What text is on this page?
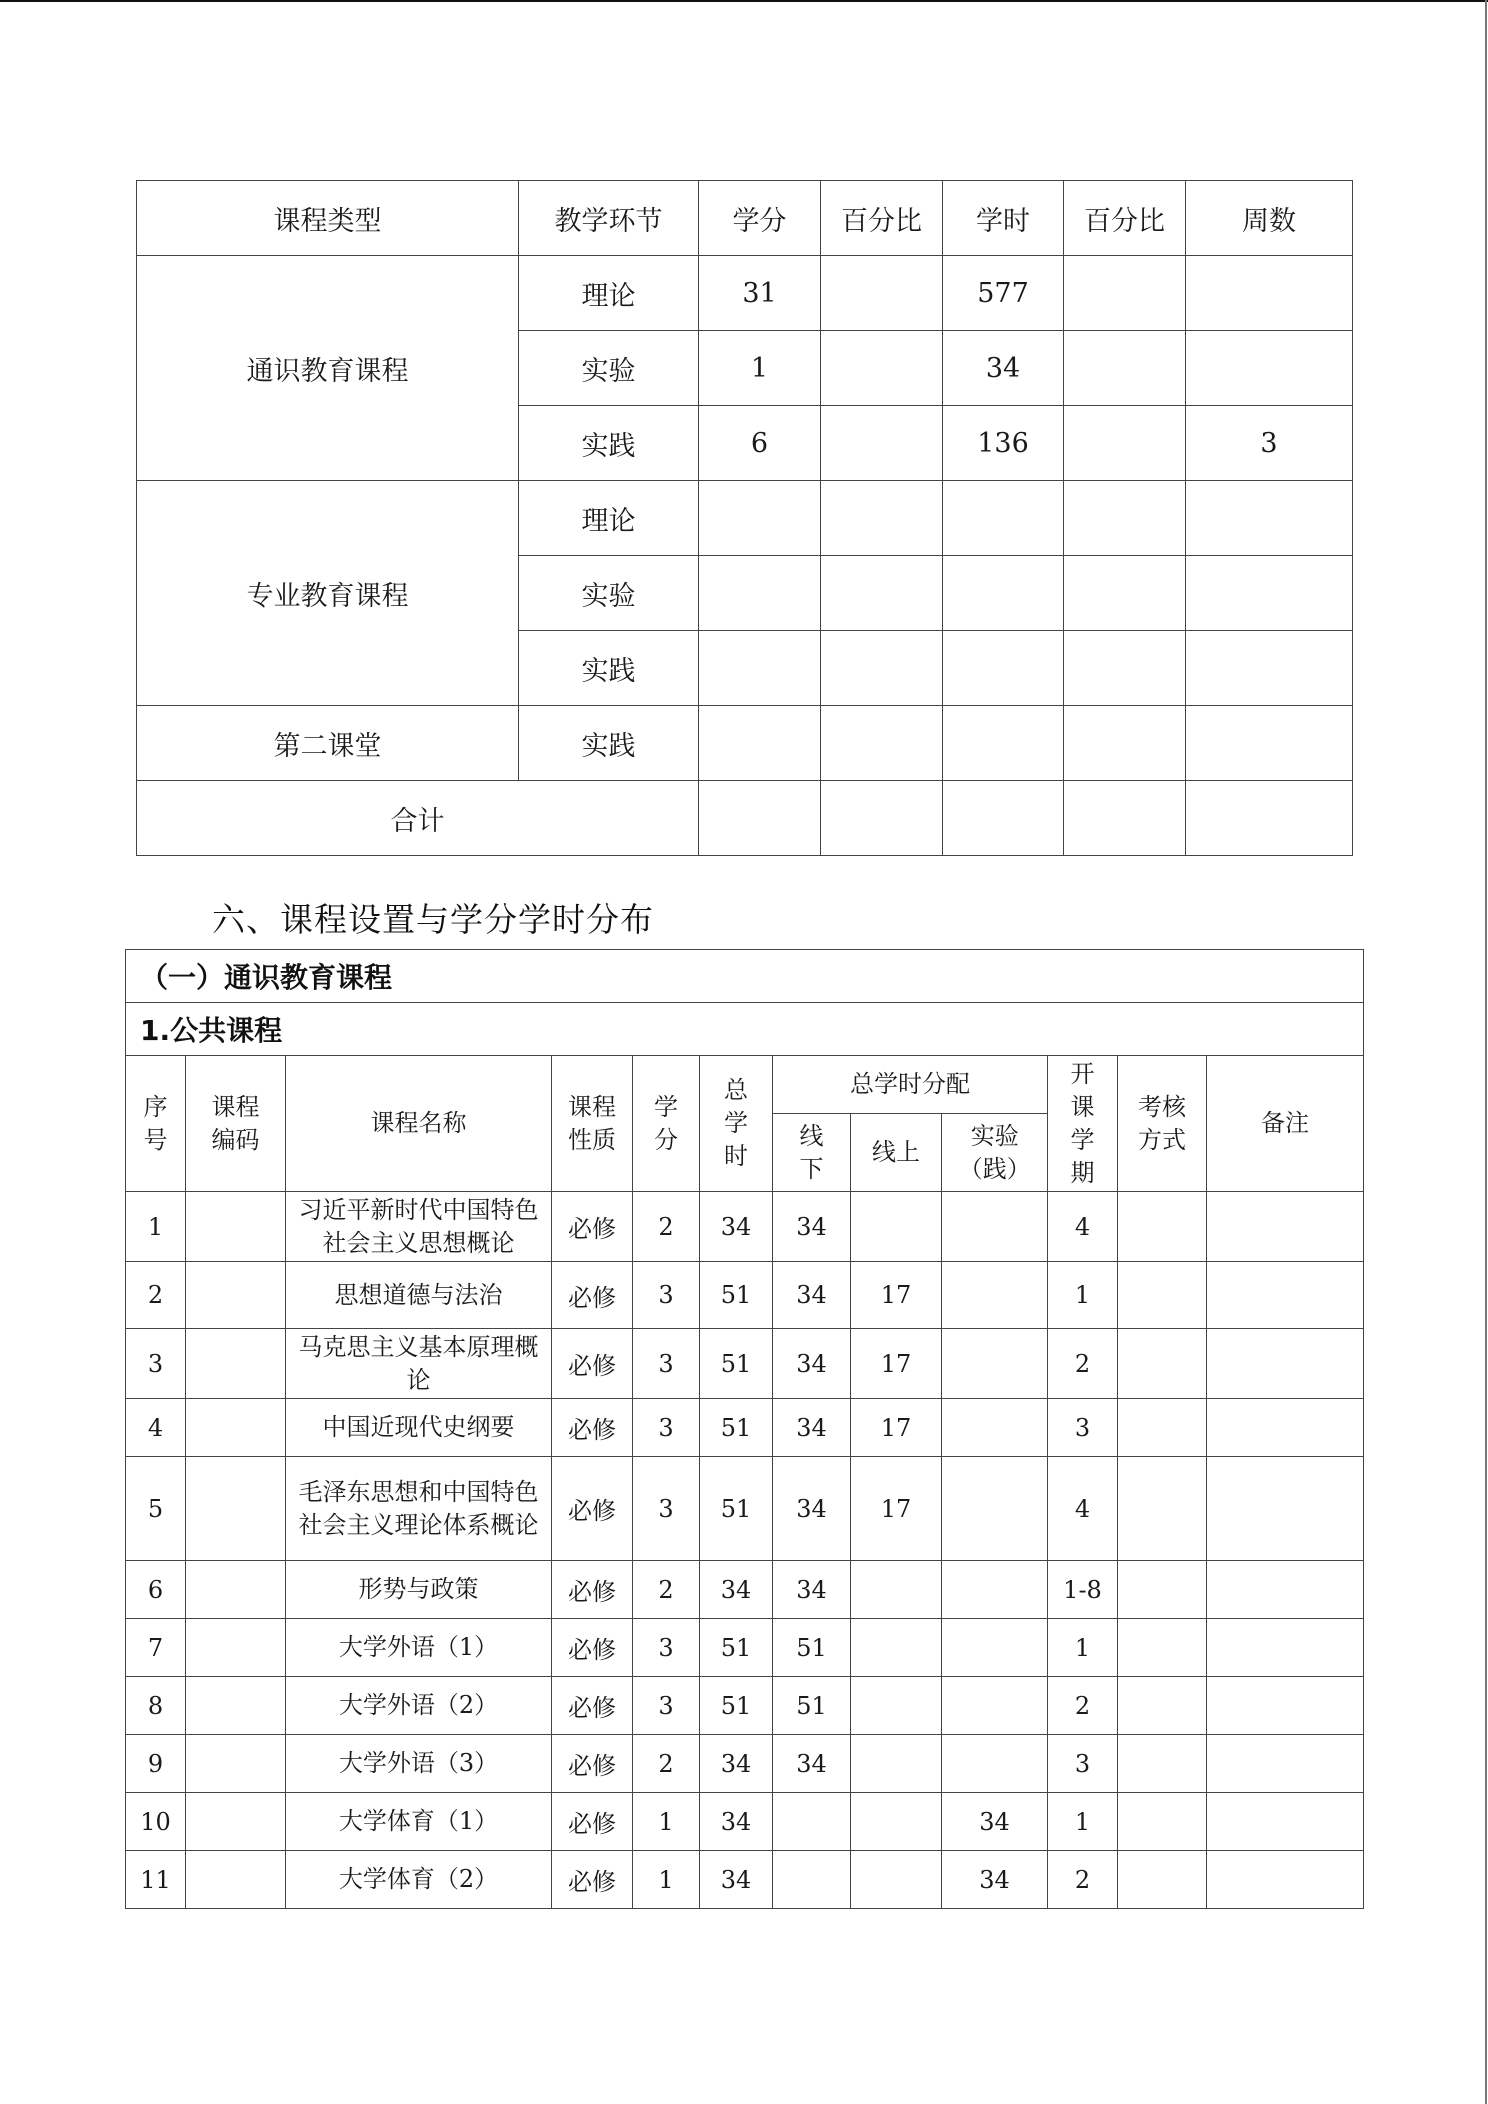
课程类型	教学环节	学分	百分比	学时	百分比	周数
通识教育课程	理论	31		577		
	实验	1		34		
	实践	6		136		3
专业教育课程	理论					
	实验					
	实践					
第二课堂	实践					
合计						
六、课程设置与学分学时分布
（一）通识教育课程											
1.公共课程											
序号	课程编码	课程名称	课程性质	学分	总学时	总学时分配			开课学期	考核方式	备注
						线下	线上	实验（践）			
1		习近平新时代中国特色社会主义思想概论	必修	2	34	34			4		
2		思想道德与法治	必修	3	51	34	17		1		
3		马克思主义基本原理概论	必修	3	51	34	17		2		
4		中国近现代史纲要	必修	3	51	34	17		3		
5		毛泽东思想和中国特色社会主义理论体系概论	必修	3	51	34	17		4		
6		形势与政策	必修	2	34	34			1-8		
7		大学外语（1）	必修	3	51	51			1		
8		大学外语（2）	必修	3	51	51			2		
9		大学外语（3）	必修	2	34	34			3		
10		大学体育（1）	必修	1	34			34	1		
11		大学体育（2）	必修	1	34			34	2		
